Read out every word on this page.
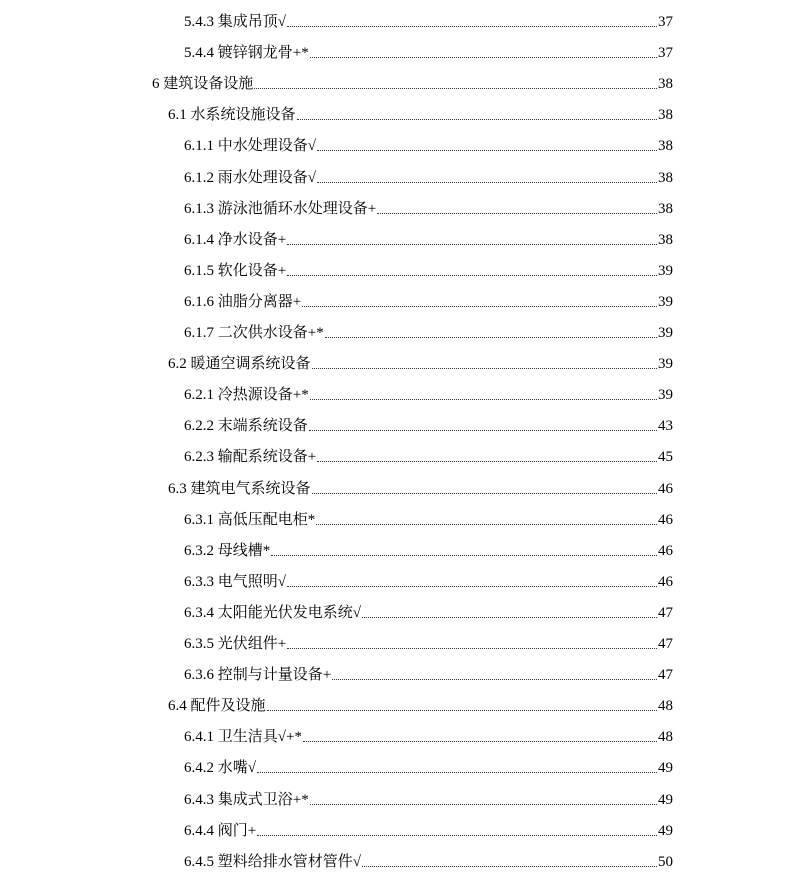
5.4.3 集成吊顶√	37
5.4.4 镀锌钢龙骨+*	37
6 建筑设备设施	38
6.1 水系统设施设备	38
6.1.1 中水处理设备√	38
6.1.2 雨水处理设备√	38
6.1.3 游泳池循环水处理设备+	38
6.1.4 净水设备+	38
6.1.5 软化设备+	39
6.1.6 油脂分离器+	39
6.1.7 二次供水设备+*	39
6.2 暖通空调系统设备	39
6.2.1 冷热源设备+*	39
6.2.2 末端系统设备	43
6.2.3 输配系统设备+	45
6.3 建筑电气系统设备	46
6.3.1 高低压配电柜*	46
6.3.2 母线槽*	46
6.3.3 电气照明√	46
6.3.4 太阳能光伏发电系统√	47
6.3.5 光伏组件+	47
6.3.6 控制与计量设备+	47
6.4 配件及设施	48
6.4.1 卫生洁具√+*	48
6.4.2 水嘴√	49
6.4.3 集成式卫浴+*	49
6.4.4 阀门+	49
6.4.5 塑料给排水管材管件√	50
